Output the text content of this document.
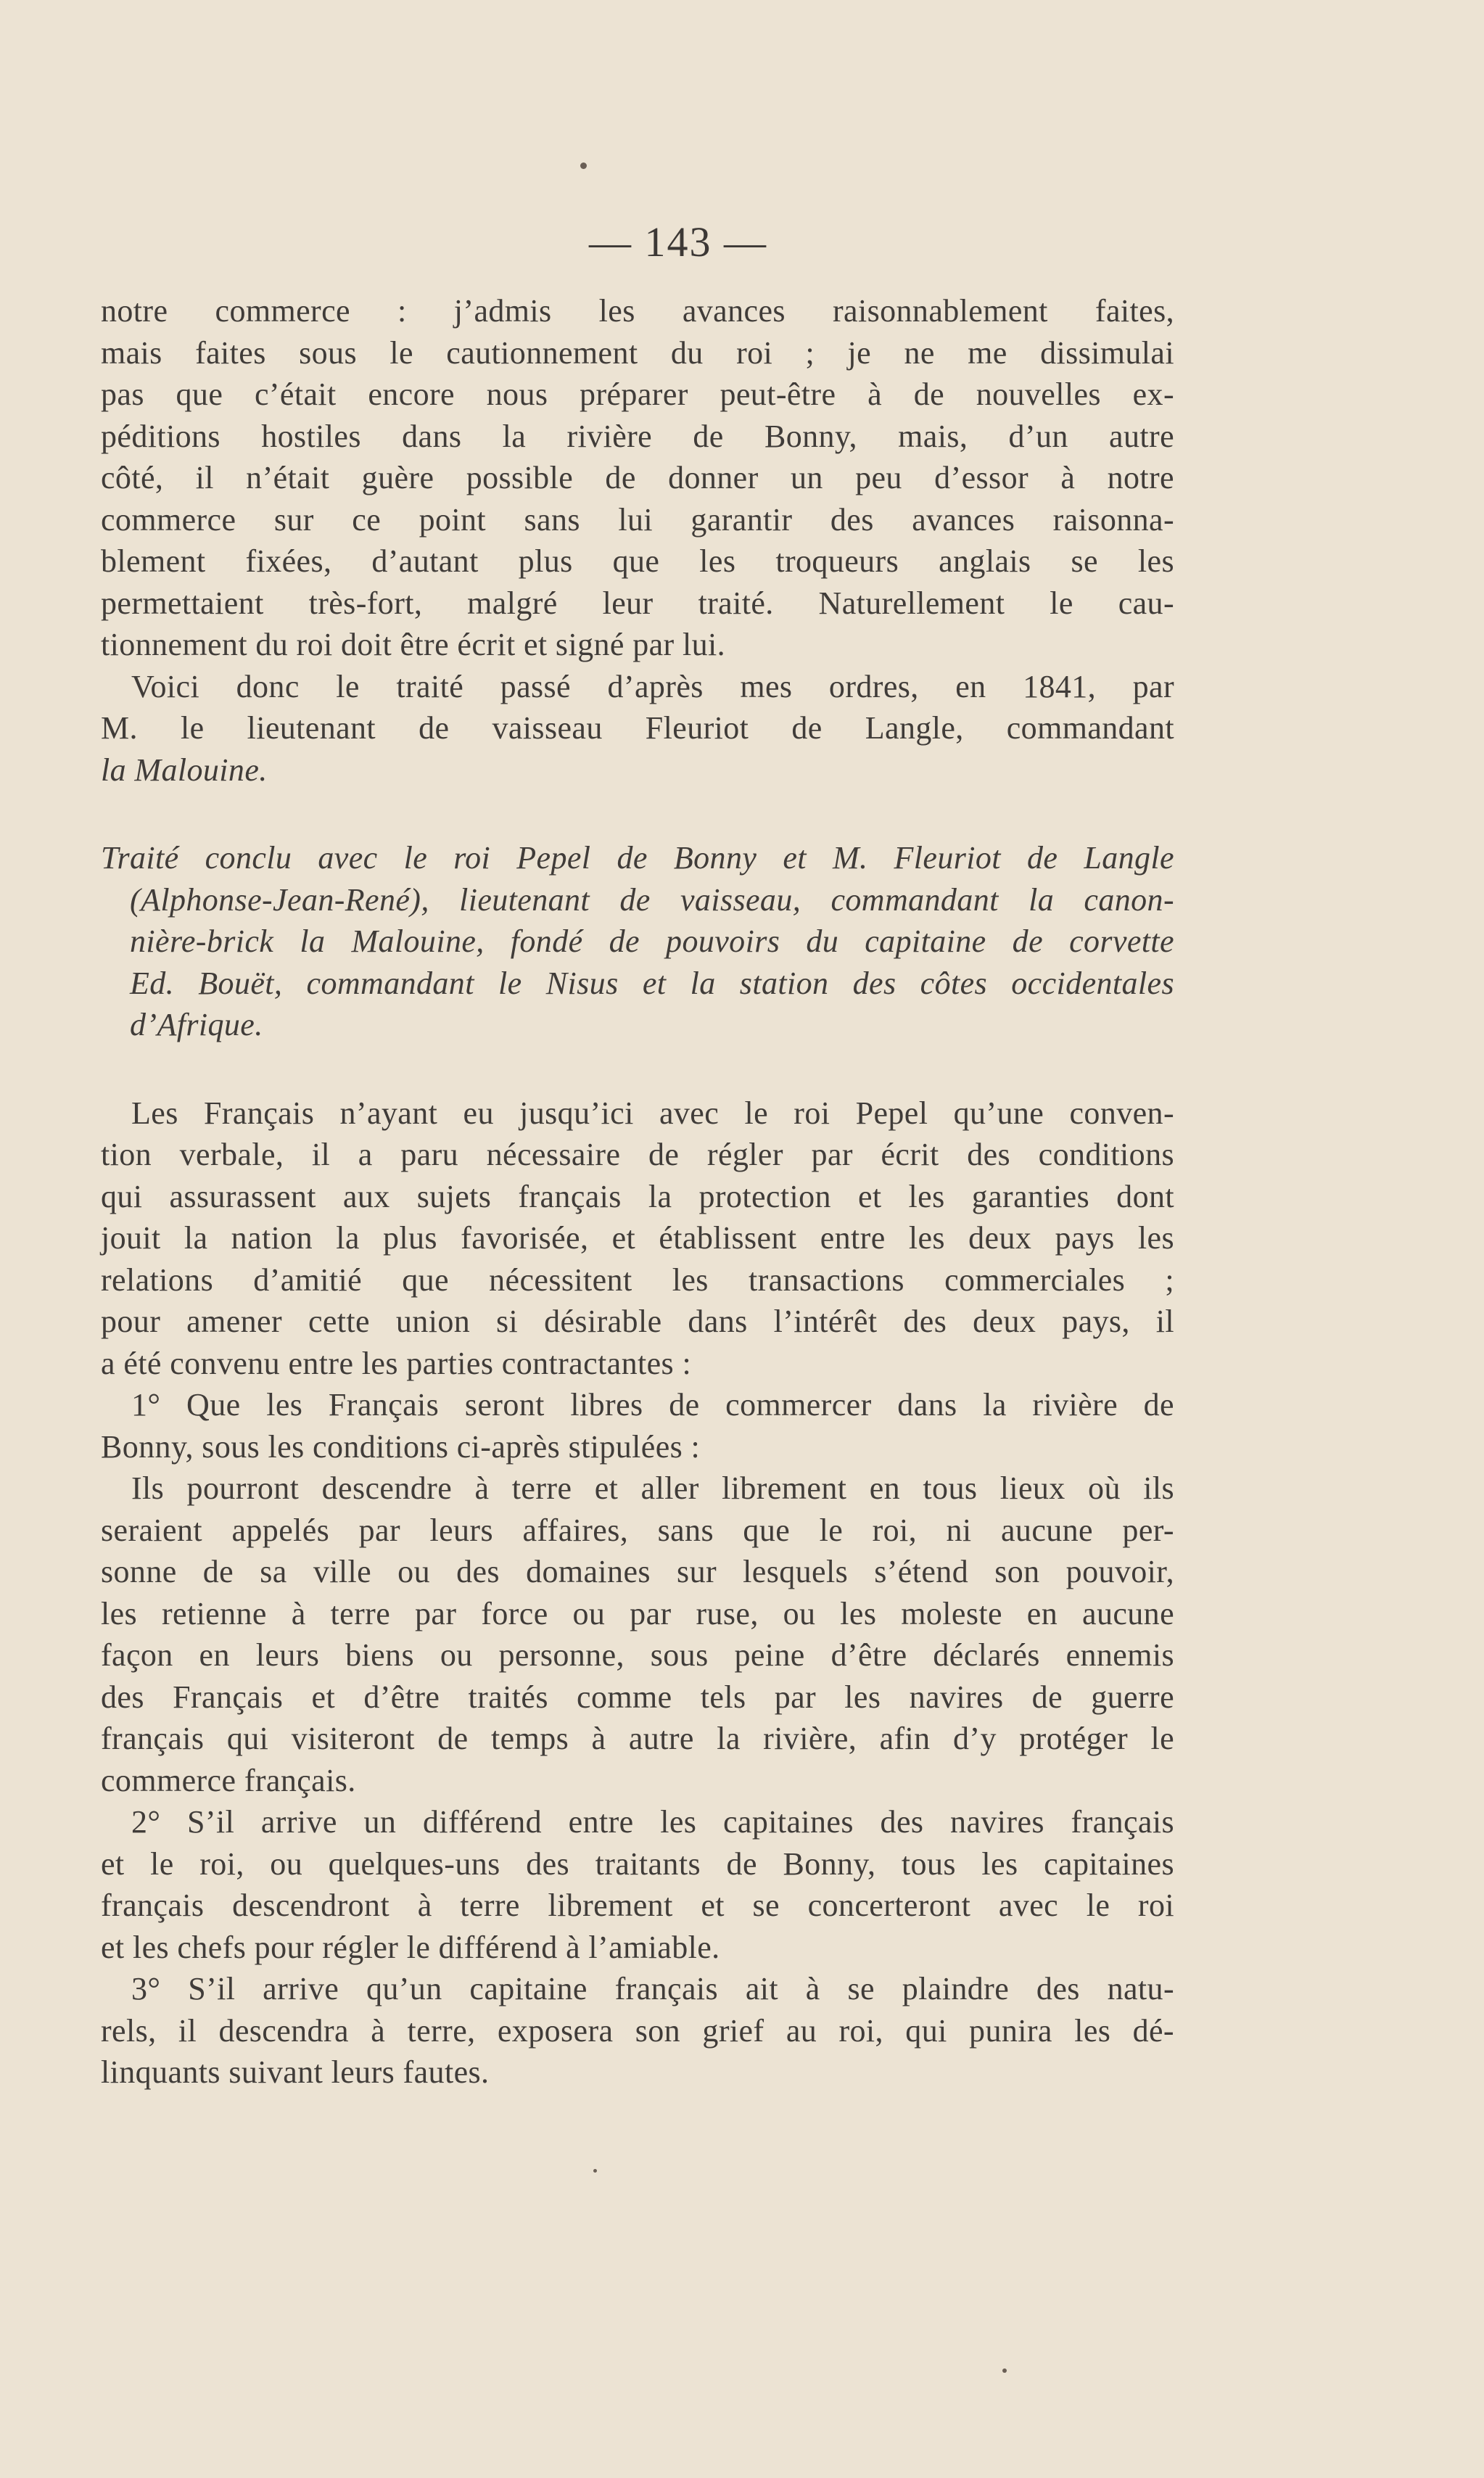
— 143 —
notre commerce : j’admis les avances raisonnablement faites,
mais faites sous le cautionnement du roi ; je ne me dissimulai
pas que c’était encore nous préparer peut-être à de nouvelles ex-
péditions hostiles dans la rivière de Bonny, mais, d’un autre
côté, il n’était guère possible de donner un peu d’essor à notre
commerce sur ce point sans lui garantir des avances raisonna-
blement fixées, d’autant plus que les troqueurs anglais se les
permettaient très-fort, malgré leur traité. Naturellement le cau-
tionnement du roi doit être écrit et signé par lui.
Voici donc le traité passé d’après mes ordres, en 1841, par
M. le lieutenant de vaisseau Fleuriot de Langle, commandant
la Malouine.
Traité conclu avec le roi Pepel de Bonny et M. Fleuriot de Langle
(Alphonse-Jean-René), lieutenant de vaisseau, commandant la canon-
nière-brick la Malouine, fondé de pouvoirs du capitaine de corvette
Ed. Bouët, commandant le Nisus et la station des côtes occidentales
d’Afrique.
Les Français n’ayant eu jusqu’ici avec le roi Pepel qu’une conven-
tion verbale, il a paru nécessaire de régler par écrit des conditions
qui assurassent aux sujets français la protection et les garanties dont
jouit la nation la plus favorisée, et établissent entre les deux pays les
relations d’amitié que nécessitent les transactions commerciales ;
pour amener cette union si désirable dans l’intérêt des deux pays, il
a été convenu entre les parties contractantes :
1° Que les Français seront libres de commercer dans la rivière de
Bonny, sous les conditions ci-après stipulées :
Ils pourront descendre à terre et aller librement en tous lieux où ils
seraient appelés par leurs affaires, sans que le roi, ni aucune per-
sonne de sa ville ou des domaines sur lesquels s’étend son pouvoir,
les retienne à terre par force ou par ruse, ou les moleste en aucune
façon en leurs biens ou personne, sous peine d’être déclarés ennemis
des Français et d’être traités comme tels par les navires de guerre
français qui visiteront de temps à autre la rivière, afin d’y protéger le
commerce français.
2° S’il arrive un différend entre les capitaines des navires français
et le roi, ou quelques-uns des traitants de Bonny, tous les capitaines
français descendront à terre librement et se concerteront avec le roi
et les chefs pour régler le différend à l’amiable.
3° S’il arrive qu’un capitaine français ait à se plaindre des natu-
rels, il descendra à terre, exposera son grief au roi, qui punira les dé-
linquants suivant leurs fautes.
